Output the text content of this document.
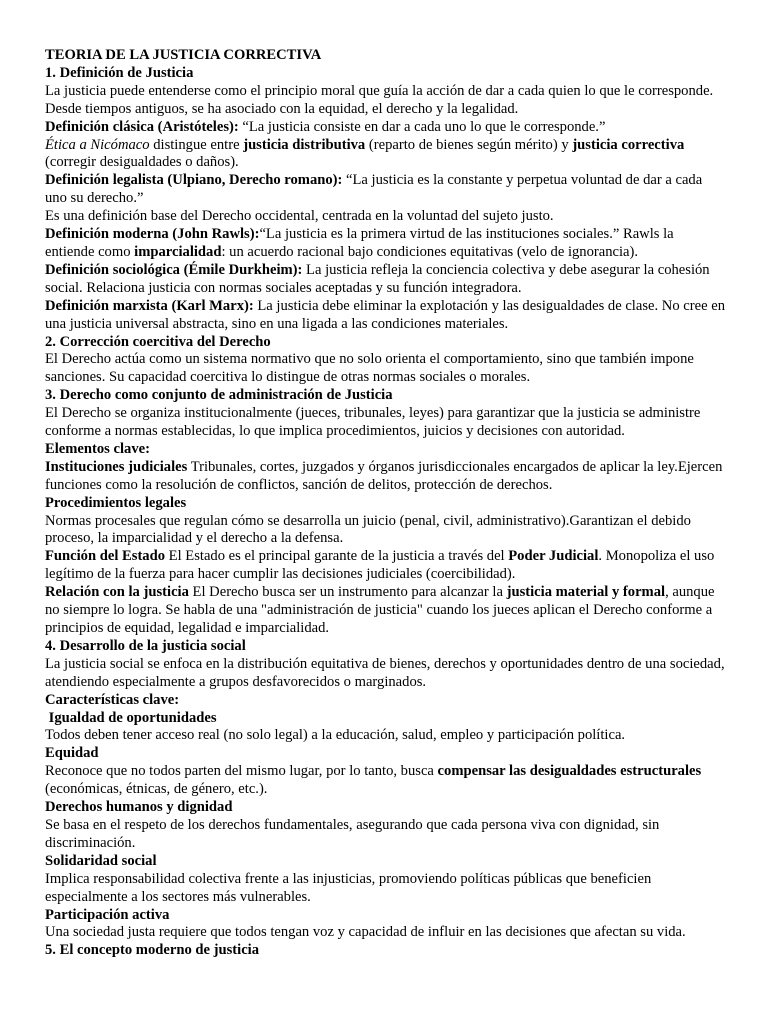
TEORIA DE LA JUSTICIA CORRECTIVA

1. Definición de Justicia

La justicia puede entenderse como el principio moral que guía la acción de dar a cada quien lo que le corresponde. Desde tiempos antiguos, se ha asociado con la equidad, el derecho y la legalidad.

Definición clásica (Aristóteles): “La justicia consiste en dar a cada uno lo que le corresponde.”

Ética a Nicómaco distingue entre justicia distributiva (reparto de bienes según mérito) y justicia correctiva (corregir desigualdades o daños).

Definición legalista (Ulpiano, Derecho romano): “La justicia es la constante y perpetua voluntad de dar a cada uno su derecho.”

Es una definición base del Derecho occidental, centrada en la voluntad del sujeto justo.

Definición moderna (John Rawls):“La justicia es la primera virtud de las instituciones sociales.” Rawls la entiende como imparcialidad: un acuerdo racional bajo condiciones equitativas (velo de ignorancia).

Definición sociológica (Émile Durkheim): La justicia refleja la conciencia colectiva y debe asegurar la cohesión social. Relaciona justicia con normas sociales aceptadas y su función integradora.

Definición marxista (Karl Marx): La justicia debe eliminar la explotación y las desigualdades de clase. No cree en una justicia universal abstracta, sino en una ligada a las condiciones materiales.

2. Corrección coercitiva del Derecho

El Derecho actúa como un sistema normativo que no solo orienta el comportamiento, sino que también impone sanciones. Su capacidad coercitiva lo distingue de otras normas sociales o morales.

3. Derecho como conjunto de administración de Justicia

El Derecho se organiza institucionalmente (jueces, tribunales, leyes) para garantizar que la justicia se administre conforme a normas establecidas, lo que implica procedimientos, juicios y decisiones con autoridad.

Elementos clave:

Instituciones judiciales Tribunales, cortes, juzgados y órganos jurisdiccionales encargados de aplicar la ley.Ejercen funciones como la resolución de conflictos, sanción de delitos, protección de derechos.

Procedimientos legales

Normas procesales que regulan cómo se desarrolla un juicio (penal, civil, administrativo).Garantizan el debido proceso, la imparcialidad y el derecho a la defensa.

Función del Estado El Estado es el principal garante de la justicia a través del Poder Judicial. Monopoliza el uso legítimo de la fuerza para hacer cumplir las decisiones judiciales (coercibilidad).

Relación con la justicia El Derecho busca ser un instrumento para alcanzar la justicia material y formal, aunque no siempre lo logra. Se habla de una "administración de justicia" cuando los jueces aplican el Derecho conforme a principios de equidad, legalidad e imparcialidad.

4. Desarrollo de la justicia social

La justicia social se enfoca en la distribución equitativa de bienes, derechos y oportunidades dentro de una sociedad, atendiendo especialmente a grupos desfavorecidos o marginados.

Características clave:

Igualdad de oportunidades

Todos deben tener acceso real (no solo legal) a la educación, salud, empleo y participación política.

Equidad

Reconoce que no todos parten del mismo lugar, por lo tanto, busca compensar las desigualdades estructurales (económicas, étnicas, de género, etc.).

Derechos humanos y dignidad

Se basa en el respeto de los derechos fundamentales, asegurando que cada persona viva con dignidad, sin discriminación.

Solidaridad social

Implica responsabilidad colectiva frente a las injusticias, promoviendo políticas públicas que beneficien especialmente a los sectores más vulnerables.

Participación activa

Una sociedad justa requiere que todos tengan voz y capacidad de influir en las decisiones que afectan su vida.

5. El concepto moderno de justicia
